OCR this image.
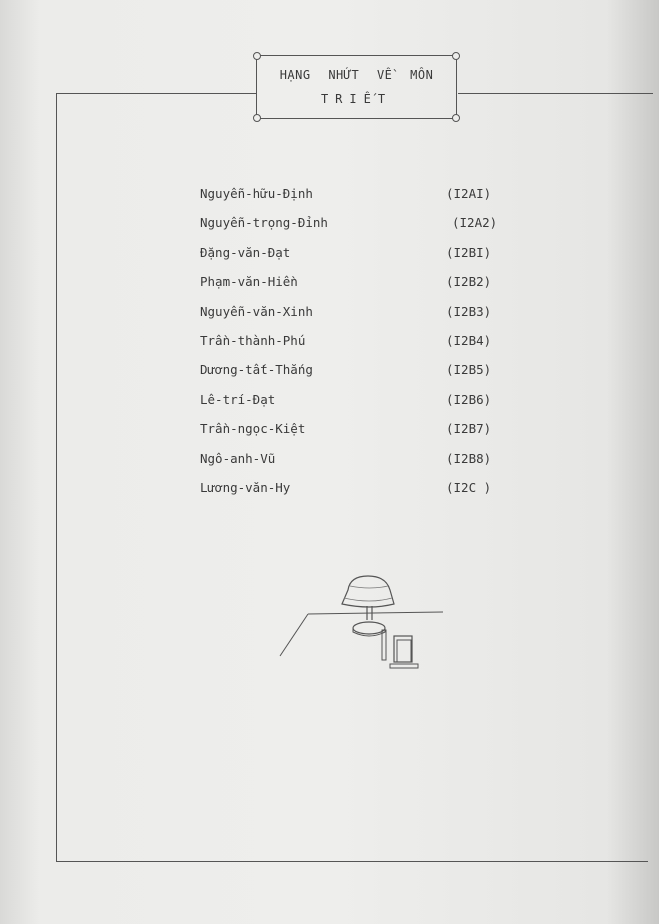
HẠNG NHỨT VỀ MÔN
TRIẾT
Nguyễn-hữu-Định	(I2AI)
Nguyễn-trọng-Đỉnh	(I2A2)
Đặng-văn-Đạt	(I2BI)
Phạm-văn-Hiền	(I2B2)
Nguyễn-văn-Xinh	(I2B3)
Trần-thành-Phú	(I2B4)
Dương-tất-Thắng	(I2B5)
Lê-trí-Đạt	(I2B6)
Trần-ngọc-Kiệt	(I2B7)
Ngô-anh-Vũ	(I2B8)
Lương-văn-Hy	(I2C )
